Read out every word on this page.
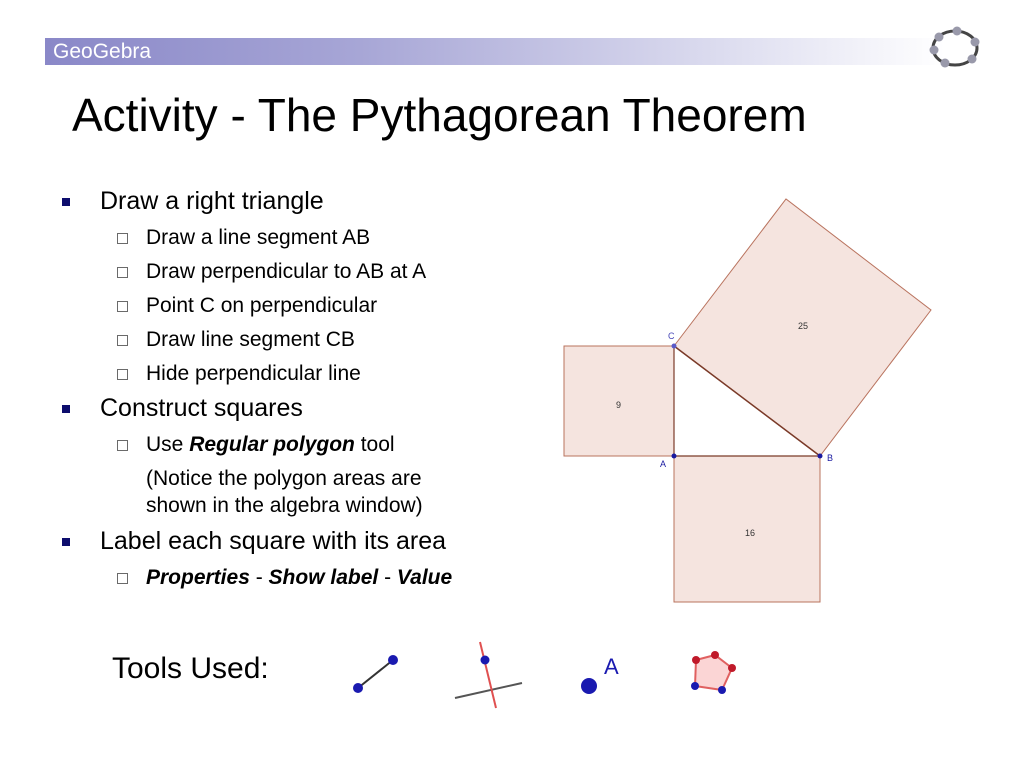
GeoGebra
Activity - The Pythagorean Theorem
Draw a right triangle
Draw a line segment AB
Draw perpendicular to AB at A
Point C on perpendicular
Draw line segment CB
Hide perpendicular line
Construct squares
Use Regular polygon tool
(Notice the polygon areas are
shown in the algebra window)
Label each square with its area
Properties - Show label - Value
C
A
B
25
9
16
Tools Used:	A
